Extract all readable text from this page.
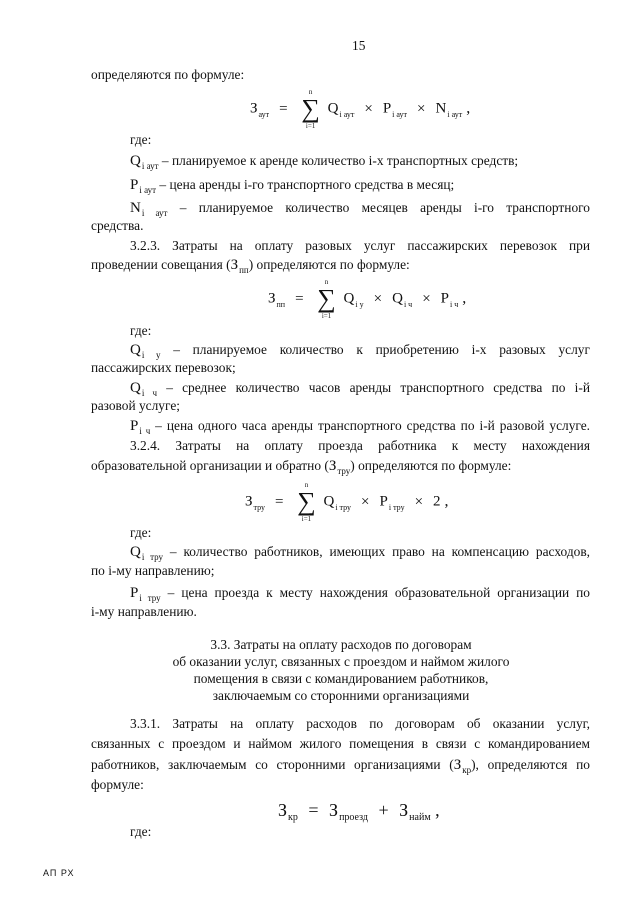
15
определяются по формуле:
$З_{аут}$ =
n
∑
i=1
$Q_{i аут} \times P_{i аут} \times N_{i аут}$ ,
где:
$Q_{i аут}$ – планируемое к аренде количество i-х транспортных средств;
$P_{i аут}$ – цена аренды i-го транспортного средства в месяц;
$N_{i аут}$ – планируемое количество месяцев аренды i-го транспортного
средства.
3.2.3. Затраты на оплату разовых услуг пассажирских перевозок при
проведении совещания $(З_{пп})$ определяются по формуле:
$З_{пп}$ =
n
∑
i=1
$Q_{i у} \times Q_{i ч} \times P_{i ч}$ ,
где:
$Q_{i у}$ – планируемое количество к приобретению i-х разовых услуг
пассажирских перевозок;
$Q_{i ч}$ – среднее количество часов аренды транспортного средства по i-й
разовой услуге;
$P_{i ч}$ – цена одного часа аренды транспортного средства по i-й разовой услуге.
3.2.4. Затраты на оплату проезда работника к месту нахождения
образовательной организации и обратно $(З_{тру})$ определяются по формуле:
$З_{тру}$ =
n
∑
i=1
$Q_{i тру} \times P_{i тру} \times 2$ ,
где:
$Q_{i тру}$ – количество работников, имеющих право на компенсацию расходов,
по i-му направлению;
$P_{i тру}$ – цена проезда к месту нахождения образовательной организации по
i-му направлению.
3.3. Затраты на оплату расходов по договорам
об оказании услуг, связанных с проездом и наймом жилого
помещения в связи с командированием работников,
заключаемым со сторонними организациями
3.3.1. Затраты на оплату расходов по договорам об оказании услуг,
связанных с проездом и наймом жилого помещения в связи с командированием
работников, заключаемым со сторонними организациями $(З_{кр})$, определяются по
формуле:
$З_{кр} = З_{проезд} + З_{найм}$ ,
где:
АП РХ
